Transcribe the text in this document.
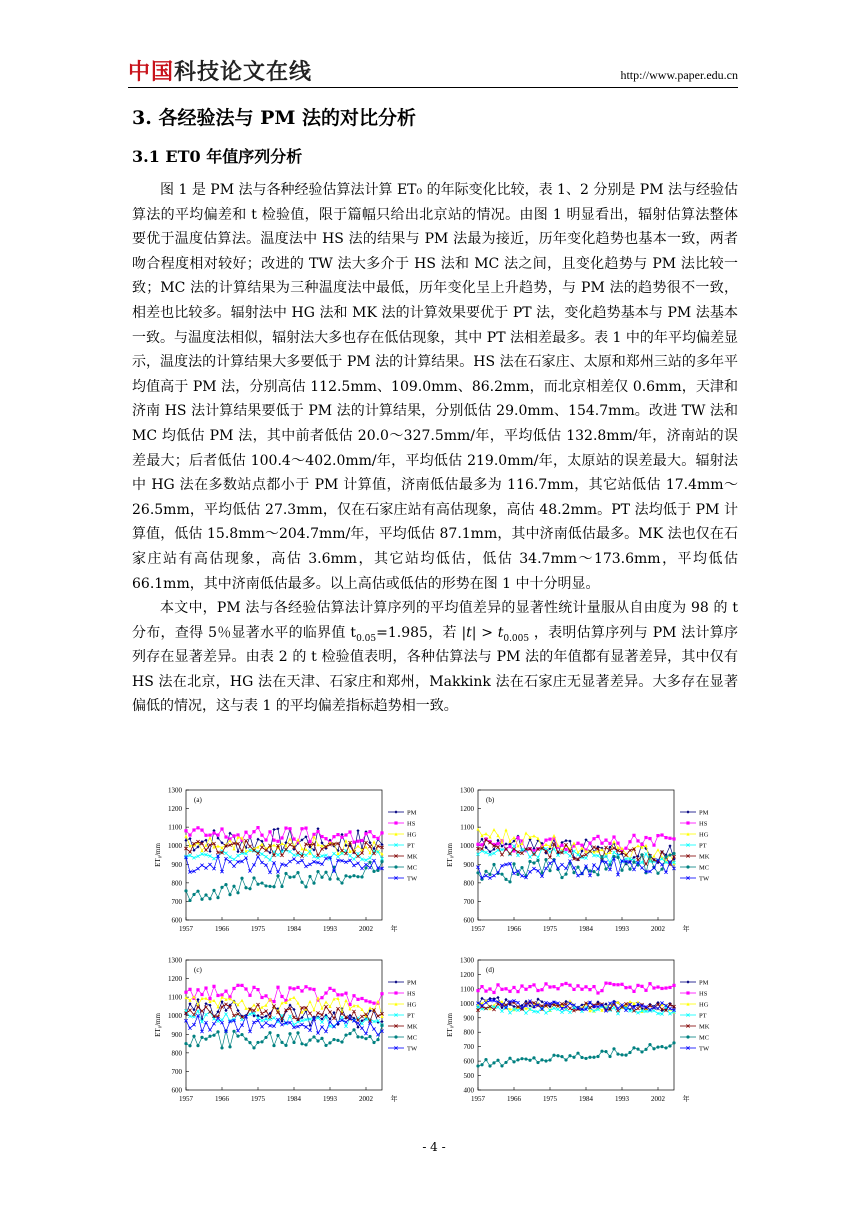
中国科技论文在线	http://www.paper.edu.cn
3. 各经验法与 PM 法的对比分析
3.1 ET0 年值序列分析

图 1 是 PM 法与各种经验估算法计算 ET₀ 的年际变化比较，表 1、2 分别是 PM 法与经验估算法的平均偏差和 t 检验值，限于篇幅只给出北京站的情况。由图 1 明显看出，辐射估算法整体要优于温度估算法。温度法中 HS 法的结果与 PM 法最为接近，历年变化趋势也基本一致，两者吻合程度相对较好；改进的 TW 法大多介于 HS 法和 MC 法之间，且变化趋势与 PM 法比较一致；MC 法的计算结果为三种温度法中最低，历年变化呈上升趋势，与 PM 法的趋势很不一致，相差也比较多。辐射法中 HG 法和 MK 法的计算效果要优于 PT 法，变化趋势基本与 PM 法基本一致。与温度法相似，辐射法大多也存在低估现象，其中 PT 法相差最多。表 1 中的年平均偏差显示，温度法的计算结果大多要低于 PM 法的计算结果。HS 法在石家庄、太原和郑州三站的多年平均值高于 PM 法，分别高估 112.5mm、109.0mm、86.2mm，而北京相差仅 0.6mm，天津和济南 HS 法计算结果要低于 PM 法的计算结果，分别低估 29.0mm、154.7mm。改进 TW 法和 MC 均低估 PM 法，其中前者低估 20.0～327.5mm/年，平均低估 132.8mm/年，济南站的误差最大；后者低估 100.4～402.0mm/年，平均低估 219.0mm/年，太原站的误差最大。辐射法中 HG 法在多数站点都小于 PM 计算值，济南低估最多为 116.7mm，其它站低估 17.4mm～26.5mm，平均低估 27.3mm，仅在石家庄站有高估现象，高估 48.2mm。PT 法均低于 PM 计算值，低估 15.8mm～204.7mm/年，平均低估 87.1mm，其中济南低估最多。MK 法也仅在石家庄站有高估现象，高估 3.6mm，其它站均低估，低估 34.7mm～173.6mm，平均低估 66.1mm，其中济南低估最多。以上高估或低估的形势在图 1 中十分明显。

本文中，PM 法与各经验估算法计算序列的平均值差异的显著性统计量服从自由度为 98 的 t 分布，查得 5％显著水平的临界值 $t_{0.05}=1.985$，若 $|t| > t_{0.005}$ ，表明估算序列与 PM 法计算序列存在显著差异。由表 2 的 t 检验值表明，各种估算法与 PM 法的年值都有显著差异，其中仅有 HS 法在北京，HG 法在天津、石家庄和郑州，Makkink 法在石家庄无显著差异。大多存在显著偏低的情况，这与表 1 的平均偏差指标趋势相一致。

600
700
800
900
1000
1100
1200
1300
1957	1966	1975	1984	1993	2002	年
ET₀/mm
(a)
PM
HS
HG
PT
MK
MC
TW
600
700
800
900
1000
1100
1200
1300
1957	1966	1975	1984	1993	2002	年
ET₀/mm
(b)
PM
HS
HG
PT
MK
MC
TW
600
700
800
900
1000
1100
1200
1300
1957	1966	1975	1984	1993	2002	年
ET₀/mm
(c)
PM
HS
HG
PT
MK
MC
TW
400
500
600
700
800
900
1000
1100
1200
1300
1957	1966	1975	1984	1993	2002	年
ET₀/mm
(d)
PM
HS
HG
PT
MK
MC
TW
- 4 -
